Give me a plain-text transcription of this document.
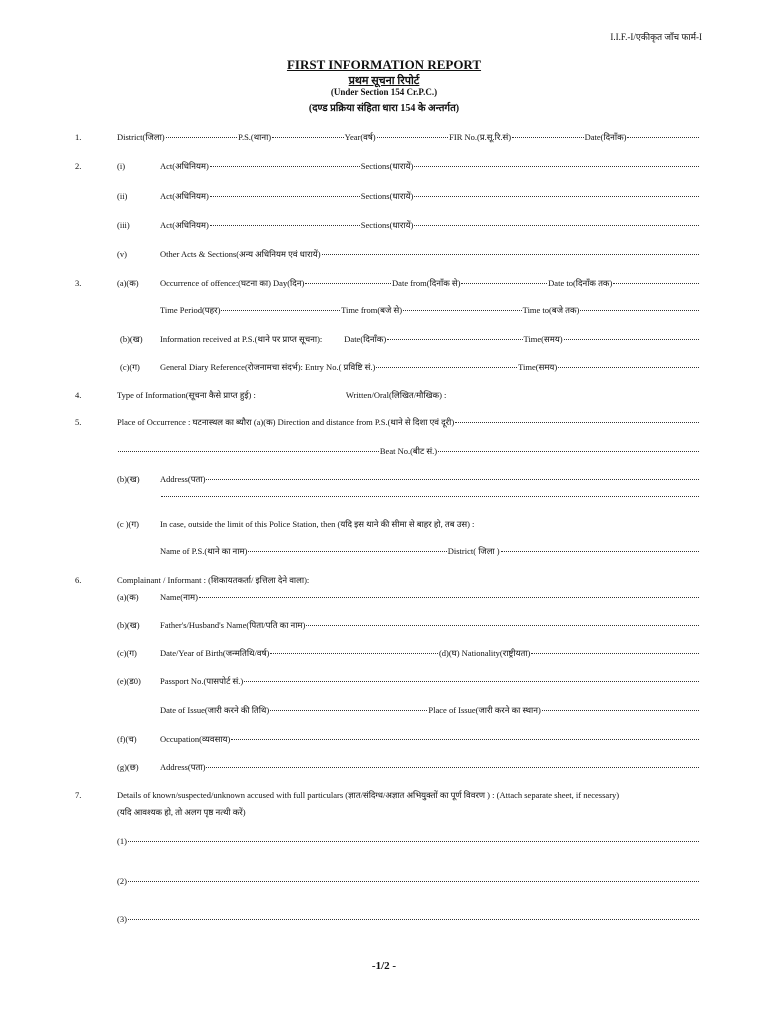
I.I.F.-I/एकीकृत जाँच फार्म-I
FIRST INFORMATION REPORT
प्रथम सूचना रिपोर्ट
(Under Section 154 Cr.P.C.)
(दण्ड प्रक्रिया संहिता धारा 154 के अन्तर्गत)
1.	District(जिला)	P.S.(थाना)	Year(वर्ष)	FIR No.(प्र.सू.रि.सं)	Date(दिनाँक)
2.	(i)	Act(अधिनियम)	Sections(धारायें)
(ii)	Act(अधिनियम)	Sections(धारायें)
(iii)	Act(अधिनियम)	Sections(धारायें)
(v)	Other Acts & Sections(अन्य अधिनियम एवं धारायें)
3.	(a)(क)	Occurrence of offence:(घटना का) Day(दिन)	Date from(दिनाँक से)	Date to(दिनाँक तक)
Time Period(पहर)	Time from(बजे से)	Time to(बजे तक)
(b)(ख) Information received at P.S.(थाने पर प्राप्त सूचना):	Date(दिनाँक)	Time(समय)
(c)(ग) General Diary Reference(रोजनामचा संदर्भ): Entry No.( प्रविष्टि सं.)	Time(समय)
4.	Type of Information(सूचना कैसे प्राप्त हुई) :	Written/Oral(लिखित/मौखिक) :
5.	Place of Occurrence : घटनास्थल का ब्यौरा (a)(क) Direction and distance from P.S.(थाने से दिशा एवं दूरी)
Beat No.(बीट सं.)
(b)(ख) Address(पता)
(c )(ग) In case, outside the limit of this Police Station, then (यदि इस थाने की सीमा से बाहर हो, तब उस) :
Name of P.S.(थाने का नाम)	District( जिला )
6.	Complainant / Informant : (शिकायतकर्ता/ इत्तिला देने वाला):
(a)(क)	Name(नाम)
(b)(ख) Father's/Husband's Name(पिता/पति का नाम)
(c)(ग)	Date/Year of Birth(जन्मतिथि/वर्ष)	(d)(घ) Nationality(राष्ट्रीयता)
(e)(ड0) Passport No.(पासपोर्ट सं.)
Date of Issue(जारी करने की तिथि)	Place of Issue(जारी करने का स्थान)
(f)(च)	Occupation(व्यवसाय)
(g)(छ)	Address(पता)
7.	Details of known/suspected/unknown accused with full particulars (ज्ञात/संदिग्ध/अज्ञात अभियुक्तों का पूर्ण विवरण ) : (Attach separate sheet, if necessary)
(यदि आवश्यक हो, तो अलग पृष्ठ नत्थी करें)
(1)
(2)
(3)
-1/2 -
